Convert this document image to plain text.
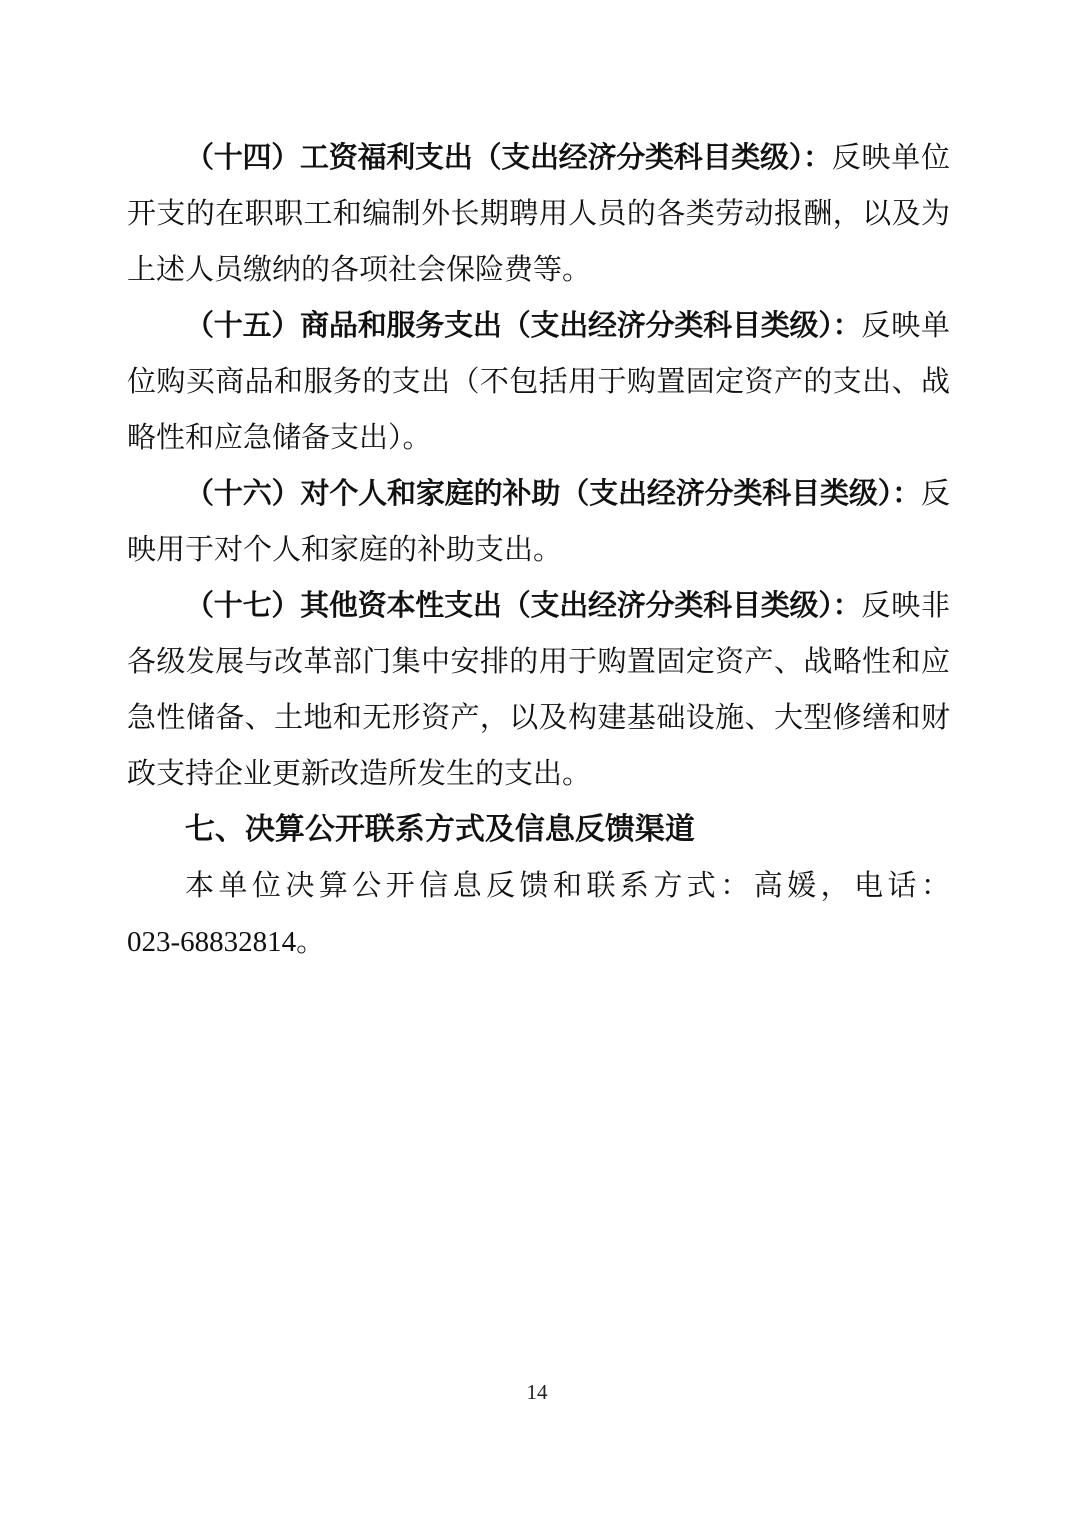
（十四）工资福利支出（支出经济分类科目类级）：反映单位开支的在职职工和编制外长期聘用人员的各类劳动报酬，以及为上述人员缴纳的各项社会保险费等。

（十五）商品和服务支出（支出经济分类科目类级）：反映单位购买商品和服务的支出（不包括用于购置固定资产的支出、战略性和应急储备支出）。

（十六）对个人和家庭的补助（支出经济分类科目类级）：反映用于对个人和家庭的补助支出。

（十七）其他资本性支出（支出经济分类科目类级）：反映非各级发展与改革部门集中安排的用于购置固定资产、战略性和应急性储备、土地和无形资产，以及构建基础设施、大型修缮和财政支持企业更新改造所发生的支出。

七、决算公开联系方式及信息反馈渠道

本单位决算公开信息反馈和联系方式：高媛，电话：023-68832814。

14
